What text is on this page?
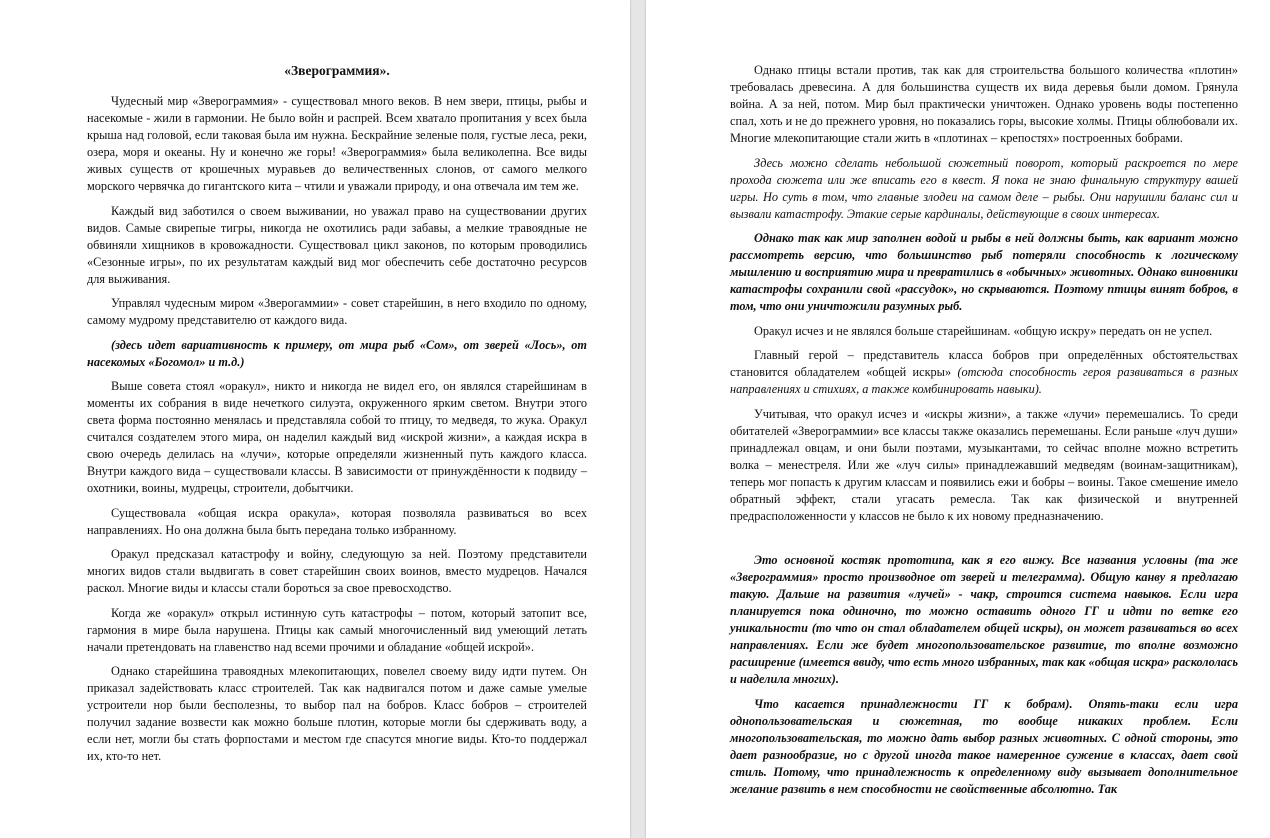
«Зверограммия».

Чудесный мир «Зверограммия» - существовал много веков. В нем звери, птицы, рыбы и насекомые - жили в гармонии. Не было войн и распрей. Всем хватало пропитания у всех была крыша над головой, если таковая была им нужна. Бескрайние зеленые поля, густые леса, реки, озера, моря и океаны. Ну и конечно же горы! «Зверограммия» была великолепна. Все виды живых существ от крошечных муравьев до величественных слонов, от самого мелкого морского червячка до гигантского кита – чтили и уважали природу, и она отвечала им тем же.

Каждый вид заботился о своем выживании, но уважал право на существовании других видов. Самые свирепые тигры, никогда не охотились ради забавы, а мелкие травоядные не обвиняли хищников в кровожадности. Существовал цикл законов, по которым проводились «Сезонные игры», по их результатам каждый вид мог обеспечить себе достаточно ресурсов для выживания.

Управлял чудесным миром «Зверогаммии» - совет старейшин, в него входило по одному, самому мудрому представителю от каждого вида.

(здесь идет вариативность к примеру, от мира рыб «Сом», от зверей «Лось», от насекомых «Богомол» и т.д.)

Выше совета стоял «оракул», никто и никогда не видел его, он являлся старейшинам в моменты их собрания в виде нечеткого силуэта, окруженного ярким светом. Внутри этого света форма постоянно менялась и представляла собой то птицу, то медведя, то жука. Оракул считался создателем этого мира, он наделил каждый вид «искрой жизни», а каждая искра в свою очередь делилась на «лучи», которые определяли жизненный путь каждого класса. Внутри каждого вида – существовали классы. В зависимости от принуждённости к подвиду – охотники, воины, мудрецы, строители, добытчики.

Существовала «общая искра оракула», которая позволяла развиваться во всех направлениях. Но она должна была быть передана только избранному.

Оракул предсказал катастрофу и войну, следующую за ней. Поэтому представители многих видов стали выдвигать в совет старейшин своих воинов, вместо мудрецов. Начался раскол. Многие виды и классы стали бороться за свое превосходство.

Когда же «оракул» открыл истинную суть катастрофы – потом, который затопит все, гармония в мире была нарушена. Птицы как самый многочисленный вид умеющий летать начали претендовать на главенство над всеми прочими и обладание «общей искрой».

Однако старейшина травоядных млекопитающих, повелел своему виду идти путем. Он приказал задействовать класс строителей. Так как надвигался потом и даже самые умелые устроители нор были бесполезны, то выбор пал на бобров. Класс бобров – строителей получил задание возвести как можно больше плотин, которые могли бы сдерживать воду, а если нет, могли бы стать форпостами и местом где спасутся многие виды. Кто-то поддержал их, кто-то нет.

Однако птицы встали против, так как для строительства большого количества «плотин» требовалась древесина. А для большинства существ их вида деревья были домом. Грянула война. А за ней, потом. Мир был практически уничтожен. Однако уровень воды постепенно спал, хоть и не до прежнего уровня, но показались горы, высокие холмы. Птицы облюбовали их. Многие млекопитающие стали жить в «плотинах – крепостях» построенных бобрами.

Здесь можно сделать небольшой сюжетный поворот, который раскроется по мере прохода сюжета или же вписать его в квест. Я пока не знаю финальную структуру вашей игры. Но суть в том, что главные злодеи на самом деле – рыбы. Они нарушили баланс сил и вызвали катастрофу. Этакие серые кардиналы, действующие в своих интересах.

Однако так как мир заполнен водой и рыбы в ней должны быть, как вариант можно рассмотреть версию, что большинство рыб потеряли способность к логическому мышлению и восприятию мира и превратились в «обычных» животных. Однако виновники катастрофы сохранили свой «рассудок», но скрываются. Поэтому птицы винят бобров, в том, что они уничтожили разумных рыб.

Оракул исчез и не являлся больше старейшинам. «общую искру» передать он не успел.

Главный герой – представитель класса бобров при определённых обстоятельствах становится обладателем «общей искры» (отсюда способность героя развиваться в разных направлениях и стихиях, а также комбинировать навыки).

Учитывая, что оракул исчез и «искры жизни», а также «лучи» перемешались. То среди обитателей «Зверограммии» все классы также оказались перемешаны. Если раньше «луч души» принадлежал овцам, и они были поэтами, музыкантами, то сейчас вполне можно встретить волка – менестреля. Или же «луч силы» принадлежавший медведям (воинам-защитникам), теперь мог попасть к другим классам и появились ежи и бобры – воины. Такое смешение имело обратный эффект, стали угасать ремесла. Так как физической и внутренней предрасположенности у классов не было к их новому предназначению.

Это основной костяк прототипа, как я его вижу. Все названия условны (та же «Зверограммия» просто производное от зверей и телеграмма). Общую канву я предлагаю такую. Дальше на развития «лучей» - чакр, строится система навыков. Если игра планируется пока одиночно, то можно оставить одного ГГ и идти по ветке его уникальности (то что он стал обладателем общей искры), он может развиваться во всех направлениях. Если же будет многопользовательское развитие, то вполне возможно расширение (имеется ввиду, что есть много избранных, так как «общая искра» раскололась и наделила многих).

Что касается принадлежности ГГ к бобрам). Опять-таки если игра однопользовательская и сюжетная, то вообще никаких проблем. Если многопользовательская, то можно дать выбор разных животных. С одной стороны, это дает разнообразие, но с другой иногда такое намеренное сужение в классах, дает свой стиль. Потому, что принадлежность к определенному виду вызывает дополнительное желание развить в нем способности не свойственные абсолютно. Так
